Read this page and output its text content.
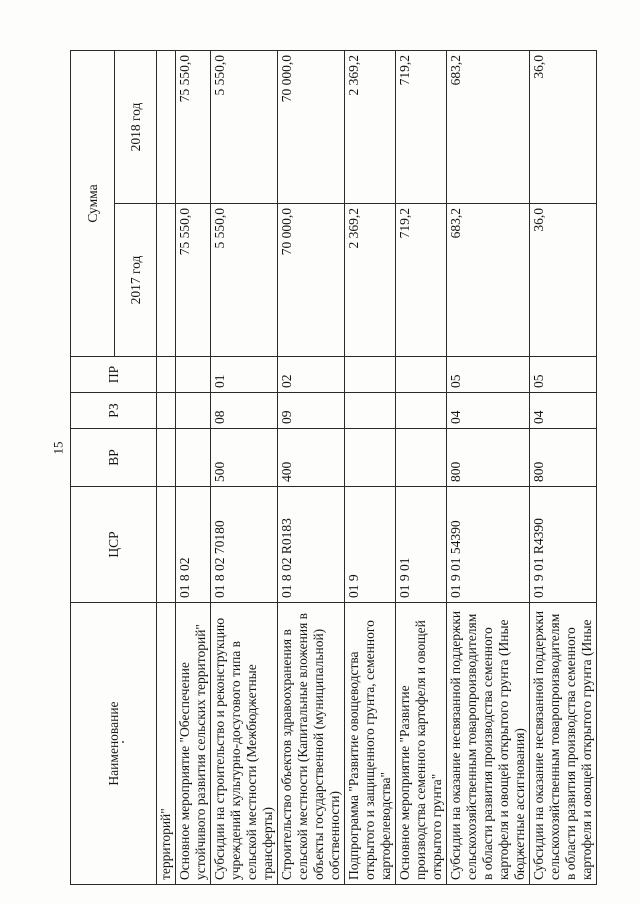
15
Наименование	ЦСР	ВР	РЗ	ПР	Сумма	
					2017 год	2018 год
территорий"						
Основное мероприятие "Обеспечение устойчивого развития сельских территорий"	01 8 02				75 550,0	75 550,0
Субсидии на строительство и реконструкцию учреждений культурно-досугового типа в сельской местности (Межбюджетные трансферты)	01 8 02 70180	500	08	01	5 550,0	5 550,0
Строительство объектов здравоохранения в сельской местности (Капитальные вложения в объекты государственной (муниципальной) собственности)	01 8 02 R0183	400	09	02	70 000,0	70 000,0
Подпрограмма "Развитие овощеводства открытого и защищенного грунта, семенного картофелеводства"	01 9				2 369,2	2 369,2
Основное мероприятие "Развитие производства семенного картофеля и овощей открытого грунта"	01 9 01				719,2	719,2
Субсидии на оказание несвязанной поддержки сельскохозяйственным товаропроизводителям в области развития производства семенного картофеля и овощей открытого грунта (Иные бюджетные ассигнования)	01 9 01 54390	800	04	05	683,2	683,2
Субсидии на оказание несвязанной поддержки сельскохозяйственным товаропроизводителям в области развития производства семенного картофеля и овощей открытого грунта (Иные	01 9 01 R4390	800	04	05	36,0	36,0
